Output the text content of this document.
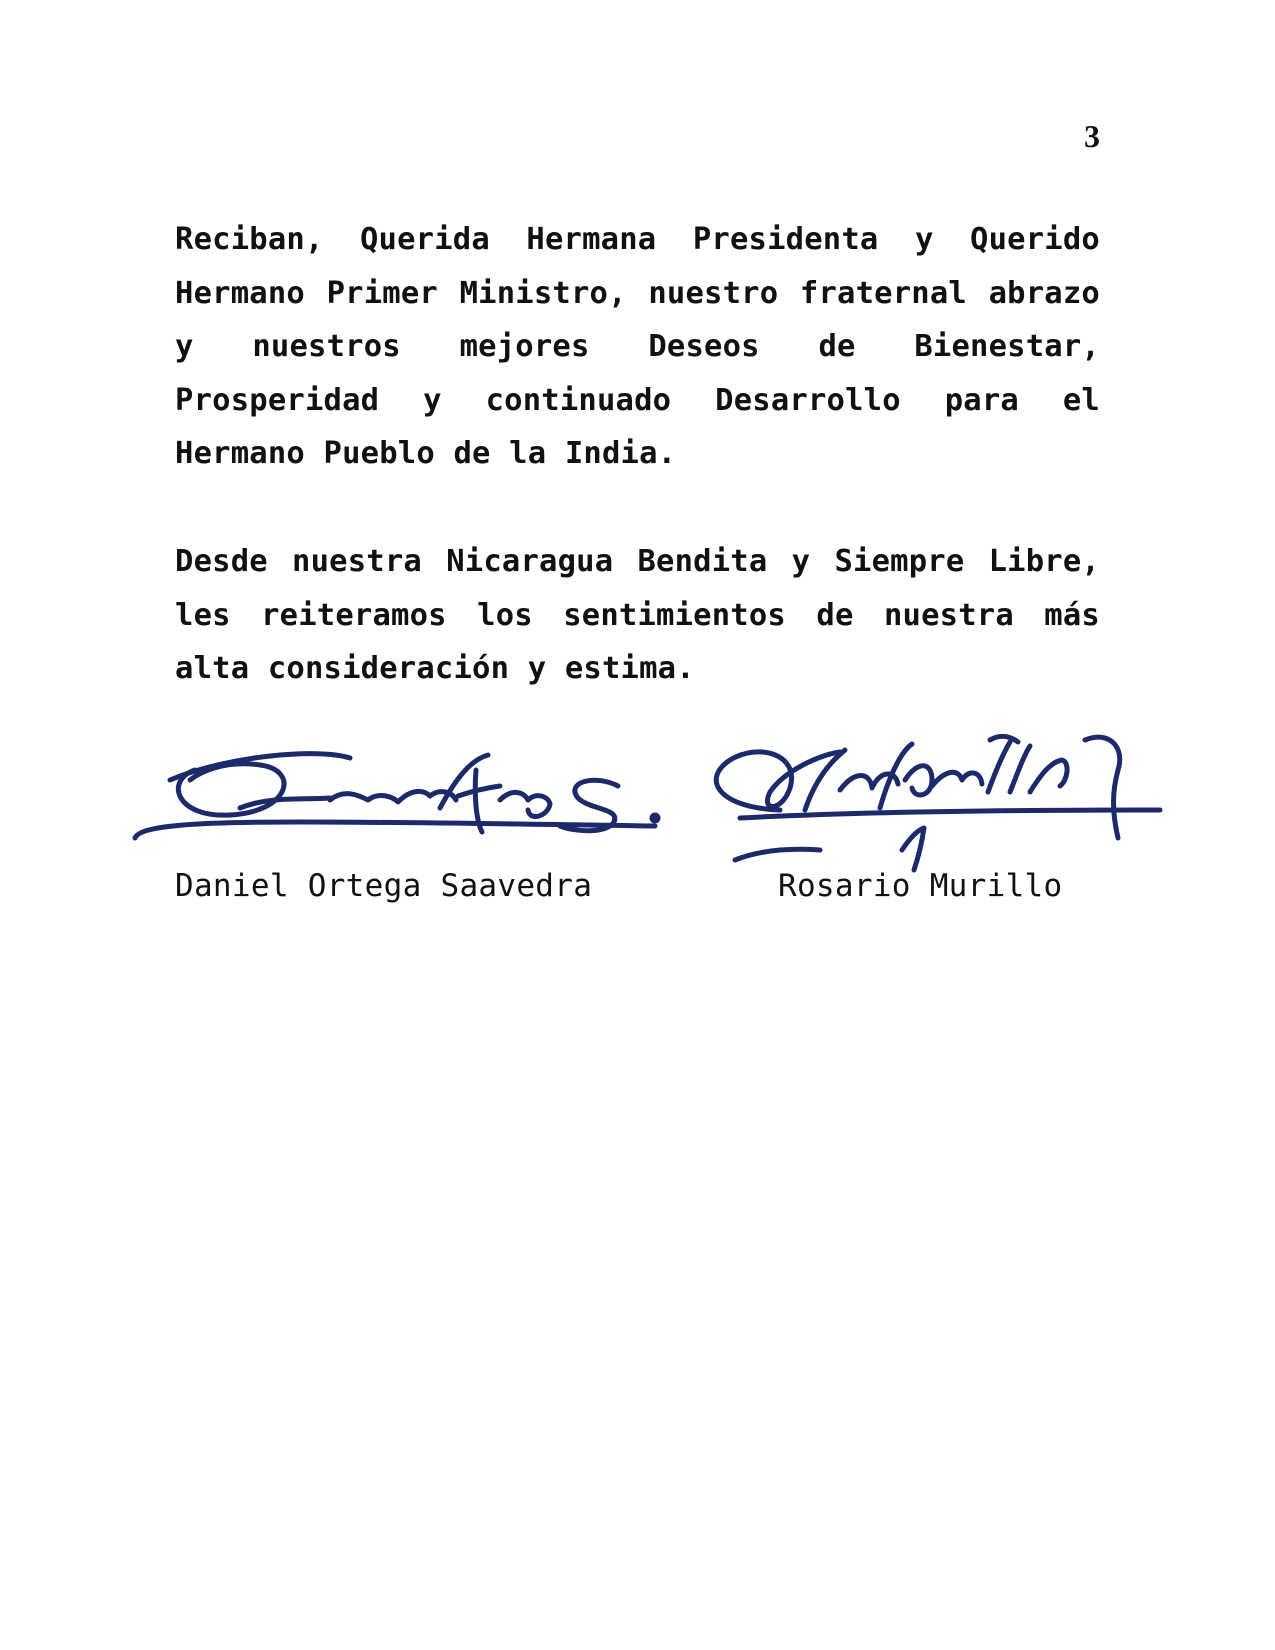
3

Reciban, Querida Hermana Presidenta y Querido Hermano Primer Ministro, nuestro fraternal abrazo y nuestros mejores Deseos de Bienestar, Prosperidad y continuado Desarrollo para el Hermano Pueblo de la India.

Desde nuestra Nicaragua Bendita y Siempre Libre, les reiteramos los sentimientos de nuestra más alta consideración y estima.

Daniel Ortega Saavedra	Rosario Murillo
